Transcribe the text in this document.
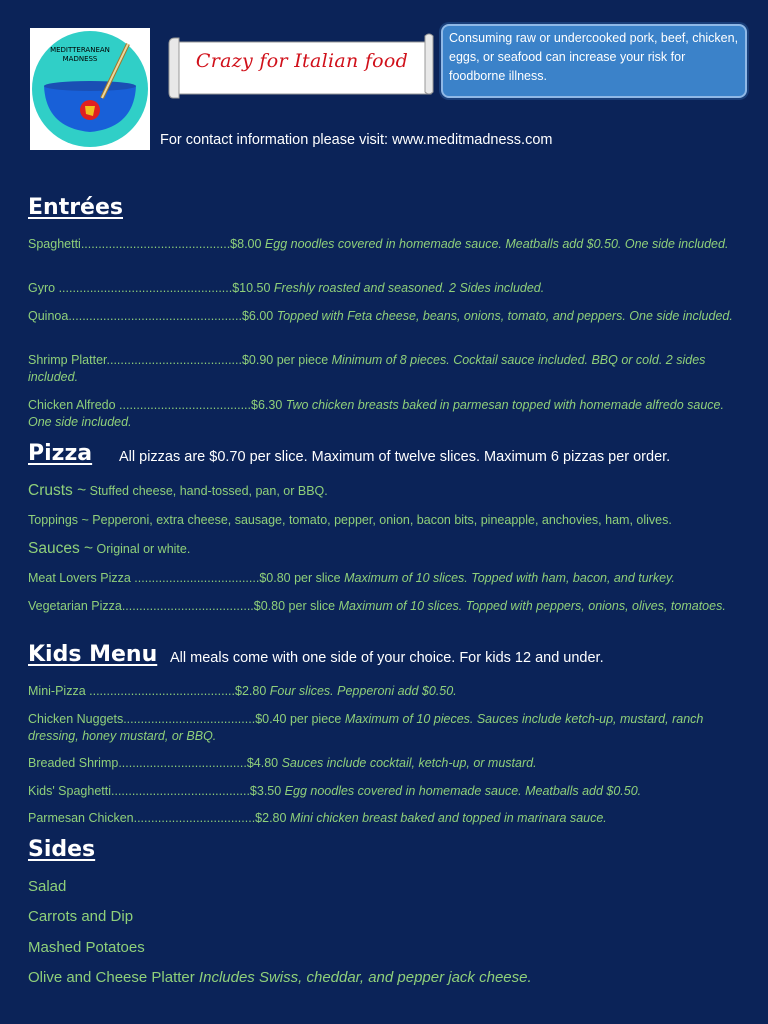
MEDITTERANEAN
MADNESS	Crazy for Italian food
Consuming raw or undercooked pork, beef, chicken, eggs, or seafood can increase your risk for foodborne illness.
For contact information please visit: www.meditmadness.com
Entrées
Spaghetti...........................................$8.00 Egg noodles covered in homemade sauce. Meatballs add $0.50. One side included.
Gyro ..................................................$10.50 Freshly roasted and seasoned. 2 Sides included.
Quinoa..................................................$6.00 Topped with Feta cheese, beans, onions, tomato, and peppers. One side included.
Shrimp Platter.......................................$0.90 per piece Minimum of 8 pieces. Cocktail sauce included. BBQ or cold. 2 sides included.
Chicken Alfredo ......................................$6.30 Two chicken breasts baked in parmesan topped with homemade alfredo sauce. One side included.
Pizza All pizzas are $0.70 per slice. Maximum of twelve slices. Maximum 6 pizzas per order.
Crusts ~ Stuffed cheese, hand-tossed, pan, or BBQ.
Toppings ~ Pepperoni, extra cheese, sausage, tomato, pepper, onion, bacon bits, pineapple, anchovies, ham, olives.
Sauces ~ Original or white.
Meat Lovers Pizza ....................................$0.80 per slice Maximum of 10 slices. Topped with ham, bacon, and turkey.
Vegetarian Pizza......................................$0.80 per slice Maximum of 10 slices. Topped with peppers, onions, olives, tomatoes.
Kids Menu All meals come with one side of your choice. For kids 12 and under.
Mini-Pizza ..........................................$2.80 Four slices. Pepperoni add $0.50.
Chicken Nuggets......................................$0.40 per piece Maximum of 10 pieces. Sauces include ketch-up, mustard, ranch dressing, honey mustard, or BBQ.
Breaded Shrimp.....................................$4.80 Sauces include cocktail, ketch-up, or mustard.
Kids' Spaghetti........................................$3.50 Egg noodles covered in homemade sauce. Meatballs add $0.50.
Parmesan Chicken...................................$2.80 Mini chicken breast baked and topped in marinara sauce.
Sides
Salad
Carrots and Dip
Mashed Potatoes
Olive and Cheese Platter Includes Swiss, cheddar, and pepper jack cheese.
